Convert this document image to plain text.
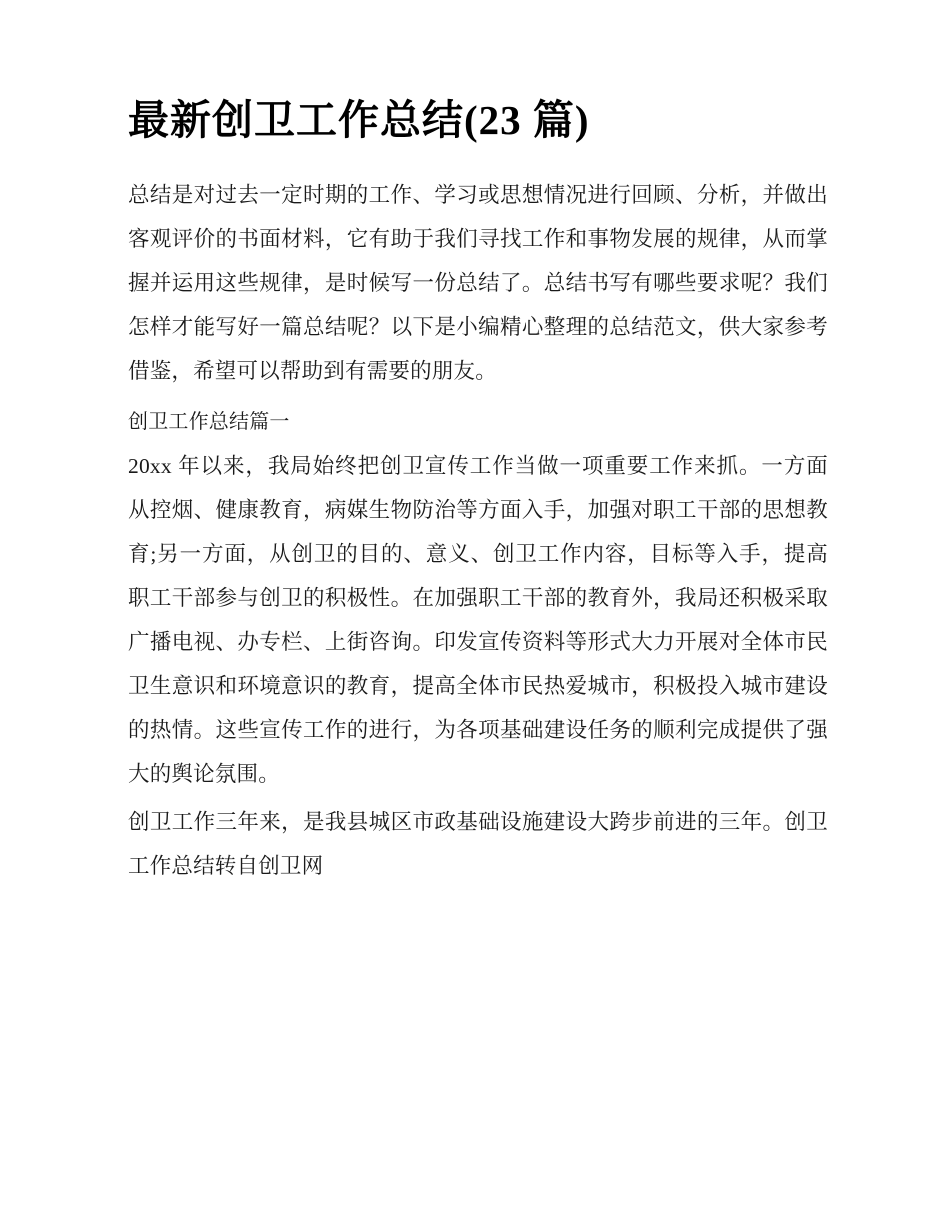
最新创卫工作总结(23 篇)

总结是对过去一定时期的工作、学习或思想情况进行回顾、分析，并做出客观评价的书面材料，它有助于我们寻找工作和事物发展的规律，从而掌握并运用这些规律，是时候写一份总结了。总结书写有哪些要求呢？我们怎样才能写好一篇总结呢？以下是小编精心整理的总结范文，供大家参考借鉴，希望可以帮助到有需要的朋友。

创卫工作总结篇一

20xx 年以来，我局始终把创卫宣传工作当做一项重要工作来抓。一方面从控烟、健康教育，病媒生物防治等方面入手，加强对职工干部的思想教育;另一方面，从创卫的目的、意义、创卫工作内容，目标等入手，提高职工干部参与创卫的积极性。在加强职工干部的教育外，我局还积极采取广播电视、办专栏、上街咨询。印发宣传资料等形式大力开展对全体市民卫生意识和环境意识的教育，提高全体市民热爱城市，积极投入城市建设的热情。这些宣传工作的进行，为各项基础建设任务的顺利完成提供了强大的舆论氛围。

创卫工作三年来，是我县城区市政基础设施建设大跨步前进的三年。创卫工作总结转自创卫网
